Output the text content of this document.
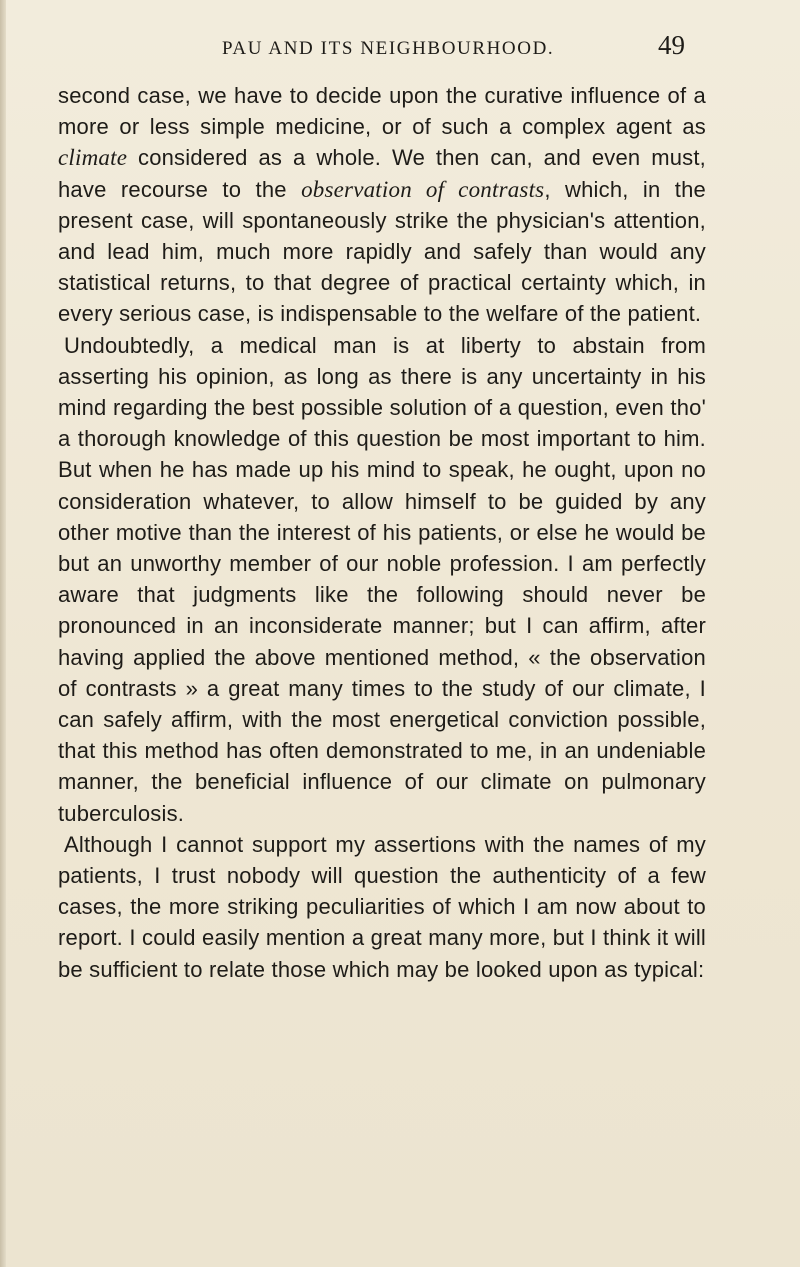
PAU AND ITS NEIGHBOURHOOD.	49

second case, we have to decide upon the curative influence of a more or less simple medicine, or of such a complex agent as climate considered as a whole. We then can, and even must, have recourse to the observation of contrasts, which, in the present case, will spontaneously strike the physician's attention, and lead him, much more rapidly and safely than would any statistical returns, to that degree of practical certainty which, in every serious case, is indispensable to the welfare of the patient.

Undoubtedly, a medical man is at liberty to abstain from asserting his opinion, as long as there is any uncertainty in his mind regarding the best possible solution of a question, even tho' a thorough knowledge of this question be most important to him. But when he has made up his mind to speak, he ought, upon no consideration whatever, to allow himself to be guided by any other motive than the interest of his patients, or else he would be but an unworthy member of our noble profession. I am perfectly aware that judgments like the following should never be pronounced in an inconsiderate manner; but I can affirm, after having applied the above mentioned method, « the observation of contrasts » a great many times to the study of our climate, I can safely affirm, with the most energetical conviction possible, that this method has often demonstrated to me, in an undeniable manner, the beneficial influence of our climate on pulmonary tuberculosis.

Although I cannot support my assertions with the names of my patients, I trust nobody will question the authenticity of a few cases, the more striking peculiarities of which I am now about to report. I could easily mention a great many more, but I think it will be sufficient to relate those which may be looked upon as typical:
